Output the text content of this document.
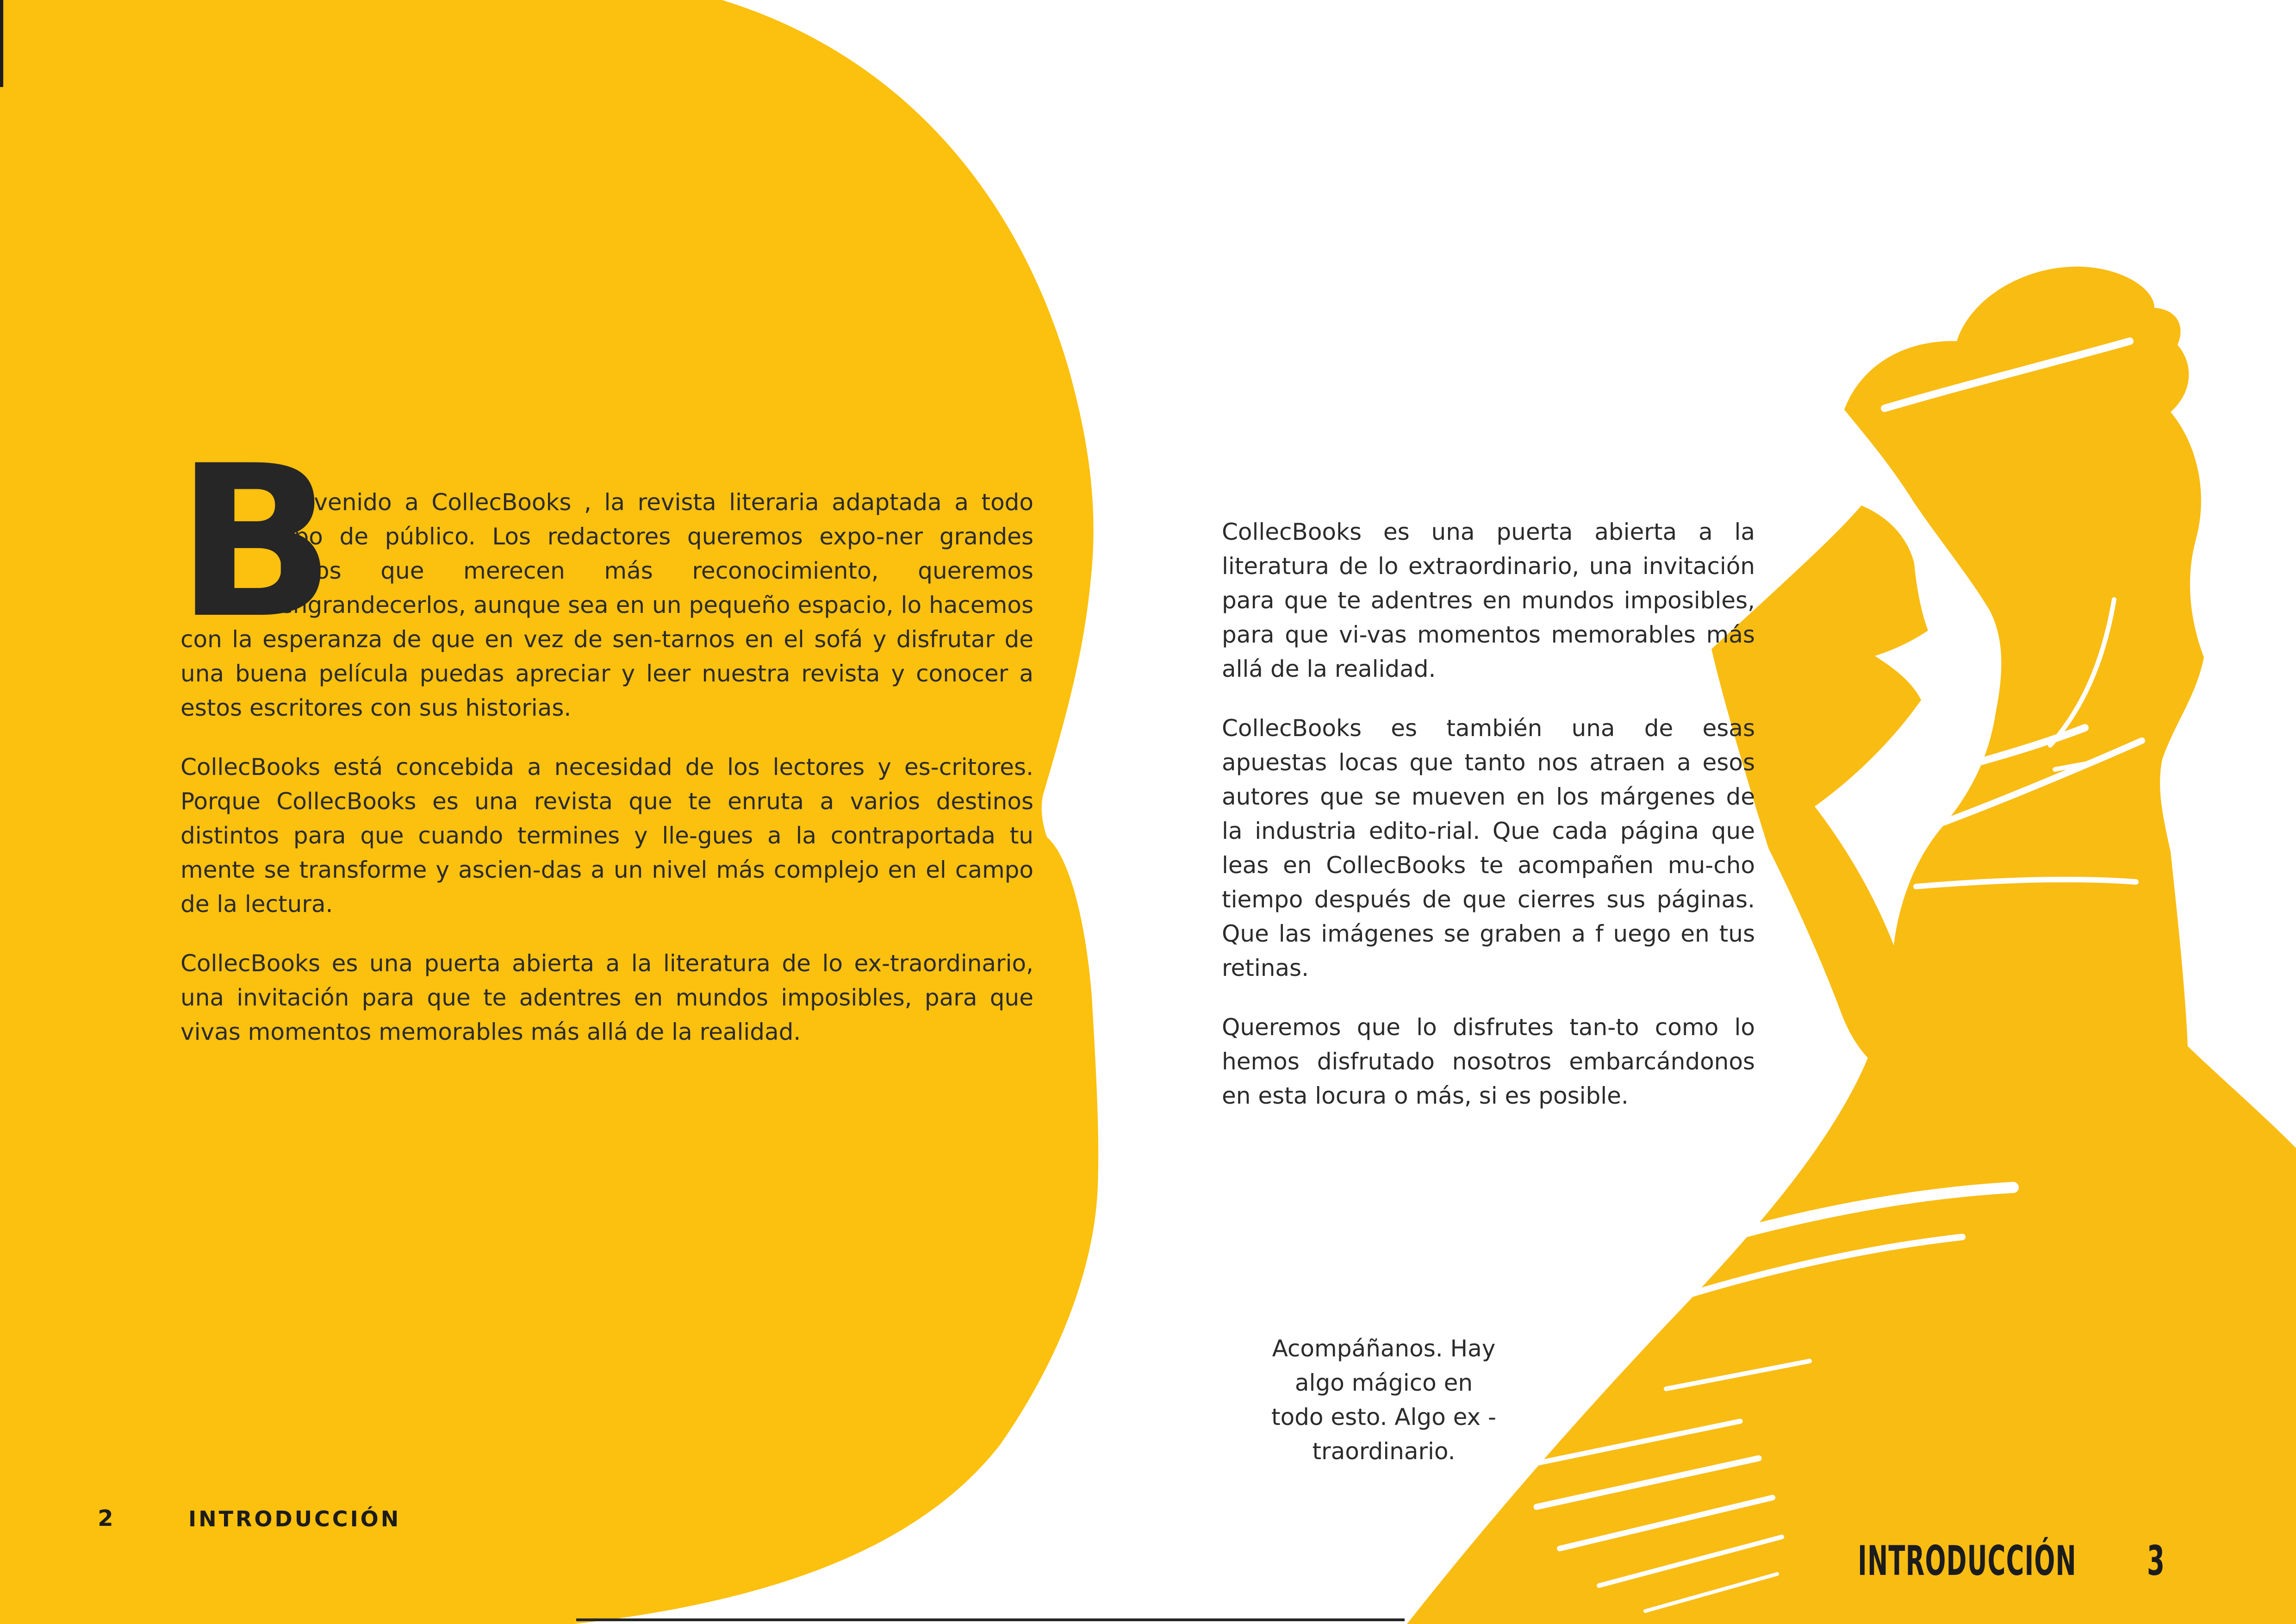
B
ienvenido a CollecBooks , la revista literaria adaptada a todo tipo de público. Los redactores queremos expo-ner grandes libros que merecen más reconocimiento, queremos engrandecerlos, aunque sea en un pequeño espacio, lo hacemos con la esperanza de que en vez de sen-tarnos en el sofá y disfrutar de una buena película puedas apreciar y leer nuestra revista y conocer a estos escritores con sus historias.

CollecBooks está concebida a necesidad de los lectores y es-critores. Porque CollecBooks es una revista que te enruta a varios destinos distintos para que cuando termines y lle-gues a la contraportada tu mente se transforme y ascien-das a un nivel más complejo en el campo de la lectura.

CollecBooks es una puerta abierta a la literatura de lo ex-traordinario, una invitación para que te adentres en mundos imposibles, para que vivas momentos memorables más allá de la realidad.

2	INTRODUCCIÓN

CollecBooks es una puerta abierta a la literatura de lo extraordinario, una invitación para que te adentres en mundos imposibles, para que vi-vas momentos memorables más allá de la realidad.

CollecBooks es también una de esas apuestas locas que tanto nos atraen a esos autores que se mueven en los márgenes de la industria edito-rial. Que cada página que leas en CollecBooks te acompañen mu-cho tiempo después de que cierres sus páginas. Que las imágenes se graben a f uego en tus retinas.

Queremos que lo disfrutes tan-to como lo hemos disfrutado nosotros embarcándonos en esta locura o más, si es posible.

Acompáñanos. Hay
algo mágico en
todo esto. Algo ex -
traordinario.
INTRODUCCIÓN 3
